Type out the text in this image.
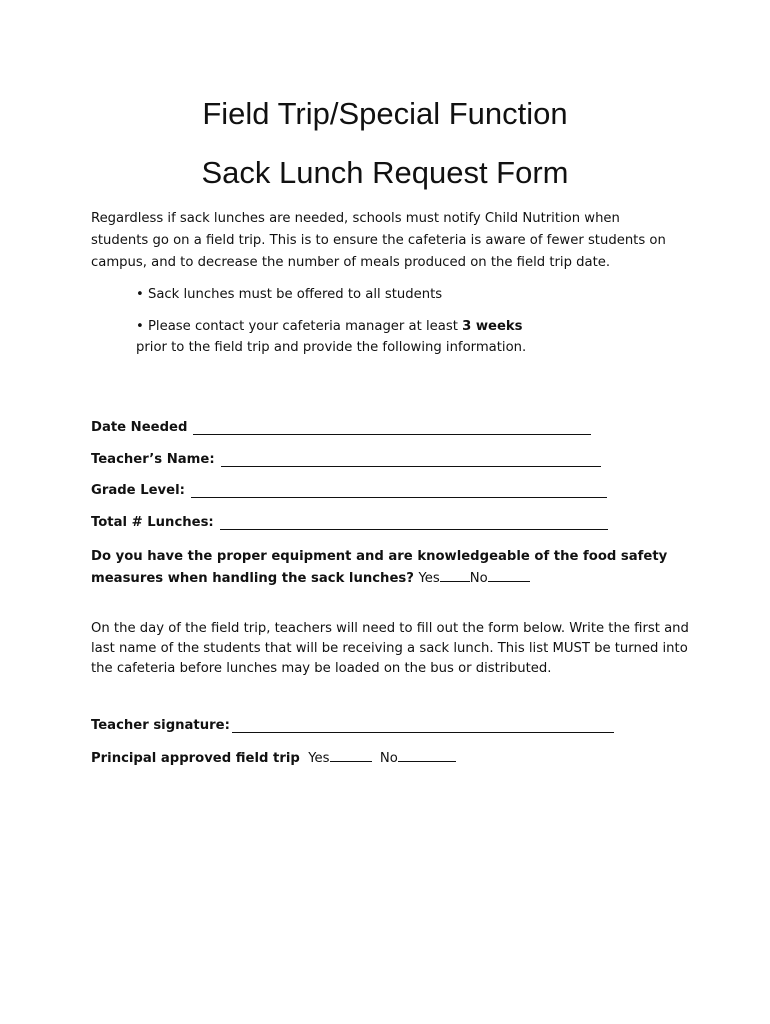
Field Trip/Special Function
Sack Lunch Request Form

Regardless if sack lunches are needed, schools must notify Child Nutrition when students go on a field trip. This is to ensure the cafeteria is aware of fewer students on campus, and to decrease the number of meals produced on the field trip date.

• Sack lunches must be offered to all students

• Please contact your cafeteria manager at least 3 weeks prior to the field trip and provide the following information.

Date Needed
Teacher’s Name:
Grade Level:
Total # Lunches:

Do you have the proper equipment and are knowledgeable of the food safety measures when handling the sack lunches? Yes No

On the day of the field trip, teachers will need to fill out the form below. Write the first and last name of the students that will be receiving a sack lunch. This list MUST be turned into the cafeteria before lunches may be loaded on the bus or distributed.

Teacher signature:

Principal approved field trip Yes	No
